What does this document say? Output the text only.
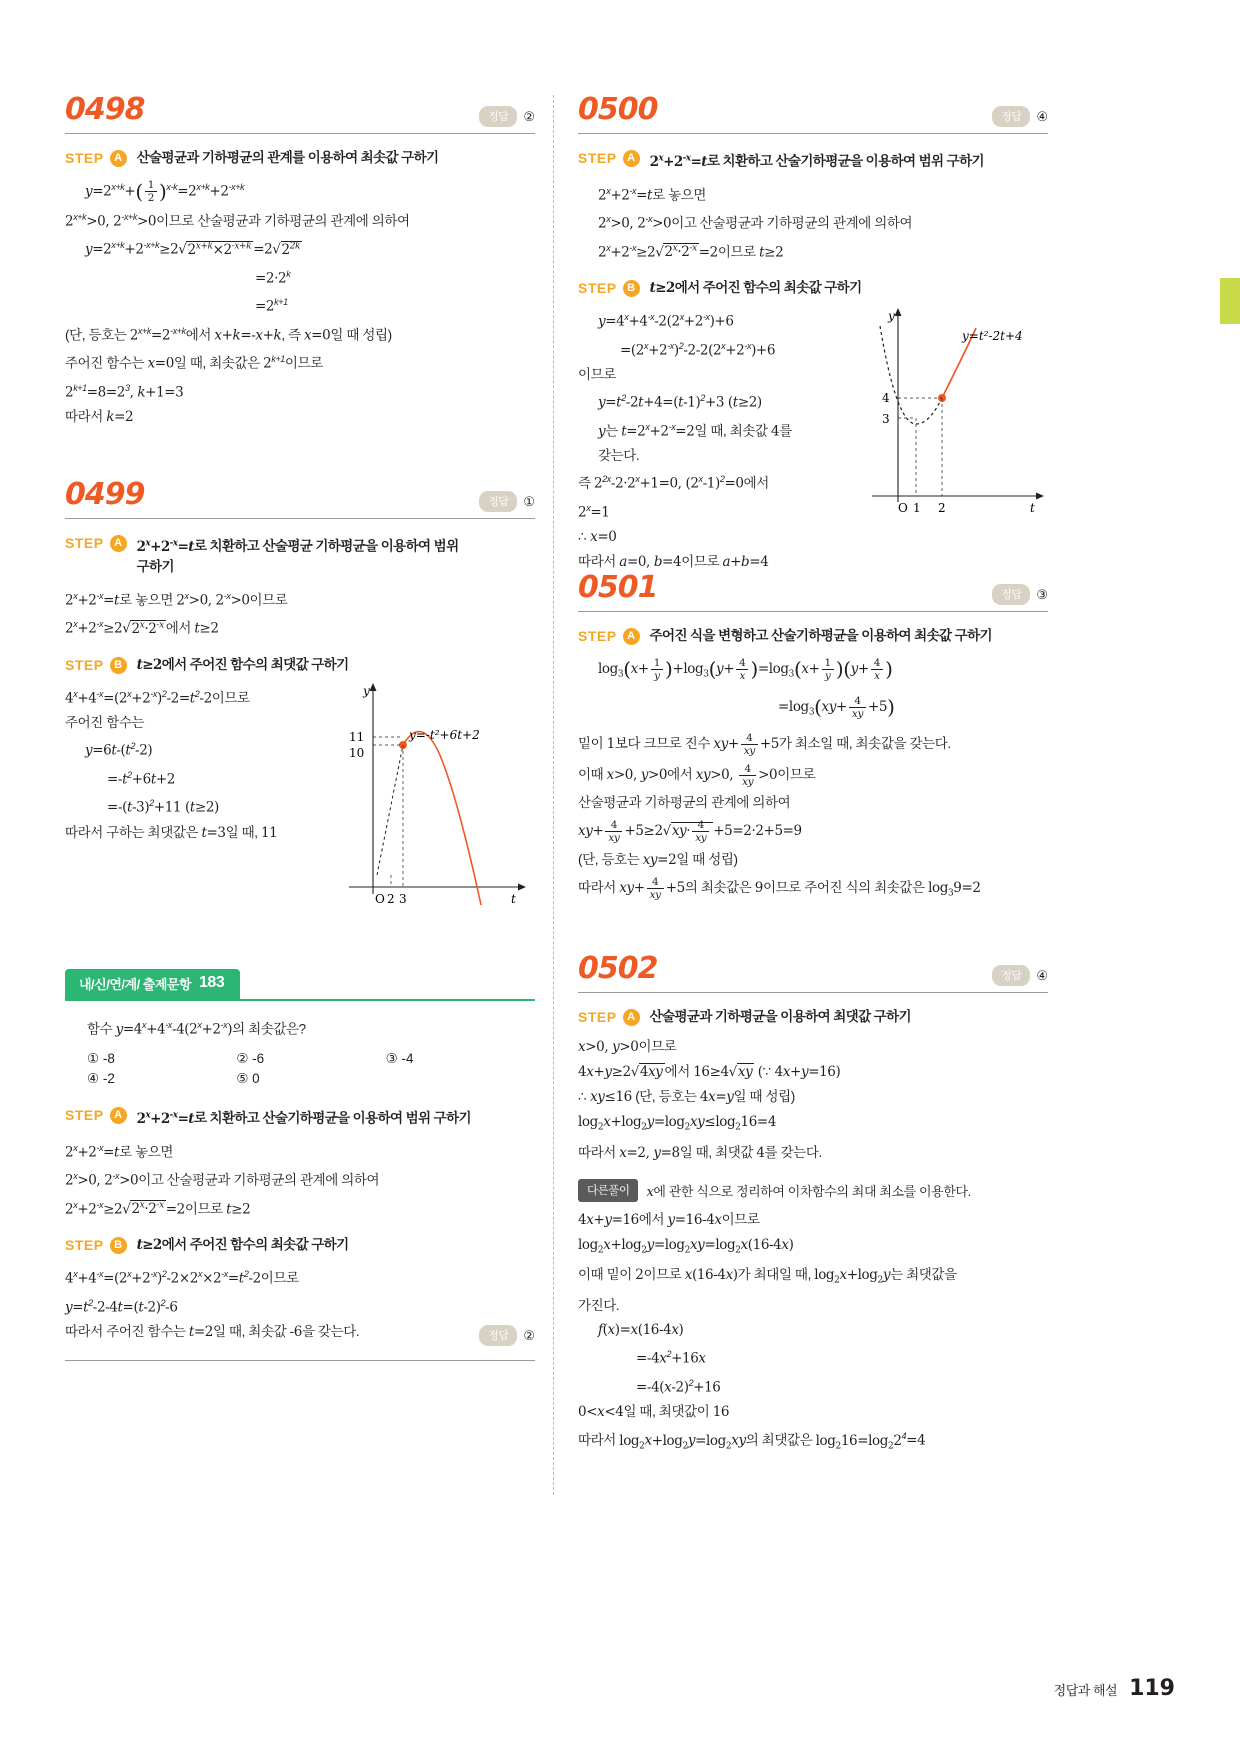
0498	정답	②
STEP A	산술평균과 기하평균의 관계를 이용하여 최솟값 구하기
$y=2^{x+k}+( \frac{1}{2} )^{x-k}=2^{x+k}+2^{-x+k}$
$2^{x+k}>0$, $2^{-x+k}>0$이므로 산술평균과 기하평균의 관계에 의하여
$y=2^{x+k}+2^{-x+k}\ge 2√2^{x+k}\times 2^{-x+k} =2√2^{2k}$
$=2\cdot 2^k$
$=2^{k+1}$
(단, 등호는 $2^{x+k}=2^{-x+k}$에서 x+k=-x+k, 즉 x=0일 때 성립)
주어진 함수는 x=0일 때, 최솟값은 $2^{k+1}$이므로
$2^{k+1}=8=2^3$, k+1=3
따라서 k=2
0499	정답	①
STEP A	$2^x+2^{-x}=t$로 치환하고 산술평균 기하평균을 이용하여 범위
구하기
$2^x+2^{-x}=t$로 놓으면 $2^x>0$, $2^{-x}>0$이므로
$2^x+2^{-x}\ge 2√2^x\cdot 2^{-x}$ 에서 t≥2
STEP B	t≥2에서 주어진 함수의 최댓값 구하기
$4^x+4^{-x}=(2^x+2^{-x})^2-2=t^2-2$이므로
주어진 함수는
$y=6t-(t^2-2)$
$=-t^2+6t+2$
$=-(t-3)^2+11$ (t≥2)
따라서 구하는 최댓값은 t=3일 때, 11
11
10
O 2 3
y
t
y=-t²+6t+2
내/신/연/계/ 출제문항 183
함수 $y=4^x+4^{-x}-4(2^x+2^{-x})$의 최솟값은?
① -8	② -6	③ -4
④ -2	⑤ 0
STEP A	$2^x+2^{-x}=t$로 치환하고 산술기하평균을 이용하여 범위 구하기
$2^x+2^{-x}=t$로 놓으면
$2^x>0$, $2^{-x}>0$이고 산술평균과 기하평균의 관계에 의하여
$2^x+2^{-x}\ge 2√2^x\cdot 2^{-x} =2$이므로 t≥2
STEP B	t≥2에서 주어진 함수의 최솟값 구하기
$4^x+4^{-x}=(2^x+2^{-x})^2-2\times 2^x\times 2^{-x}=t^2-2$이므로
$y=t^2-2-4t=(t-2)^2-6$
따라서 주어진 함수는 t=2일 때, 최솟값 -6을 갖는다.	정답	②
0500	정답	④
STEP A	$2^x+2^{-x}=t$로 치환하고 산술기하평균을 이용하여 범위 구하기
$2^x+2^{-x}=t$로 놓으면
$2^x>0$, $2^{-x}>0$이고 산술평균과 기하평균의 관계에 의하여
$2^x+2^{-x}\ge 2√2^x\cdot 2^{-x} =2$이므로 t≥2
STEP B	t≥2에서 주어진 함수의 최솟값 구하기
$y=4^x+4^{-x}-2(2^x+2^{-x})+6$
$=(2^x+2^{-x})^2-2-2(2^x+2^{-x})+6$
이므로
$y=t^2-2t+4=(t-1)^2+3$ (t≥2)
y는 $t=2^x+2^{-x}=2$일 때, 최솟값 4를
갖는다.
즉 $2^{2x}-2\cdot 2^x+1=0$, $(2^x-1)^2=0$에서
$2^x=1$
∴ x=0
따라서 a=0, b=4이므로 a+b=4
4
3
O 1 2
y
t
y=t²-2t+4
0501	정답	③
STEP A	주어진 식을 변형하고 산술기하평균을 이용하여 최솟값 구하기
$\log_3(x+ \frac{1}{y} )+\log_3(y+ \frac{4}{x} )=\log_3(x+ \frac{1}{y} )(y+ \frac{4}{x}$ )
$=\log_3(xy+ \frac{4}{xy} +5)$
밑이 1보다 크므로 진수 $xy+ \frac{4}{xy} +5$가 최소일 때, 최솟값을 갖는다.
이때 x>0, y>0에서 xy>0, $\frac{4}{xy} >0$이므로
산술평균과 기하평균의 관계에 의하여
$xy+ \frac{4}{xy} +5\ge 2√xy\cdot \frac{4}{xy} +5=2\cdot 2+5=9$
(단, 등호는 xy=2일 때 성립)
따라서 $xy+ \frac{4}{xy} +5$의 최솟값은 9이므로 주어진 식의 최솟값은 $\log_39=2$
0502	정답	④
STEP A	산술평균과 기하평균을 이용하여 최댓값 구하기
x>0, y>0이므로
4x+y≥2√4xy 에서 16≥4√xy (∵ 4x+y=16)
∴ xy≤16 (단, 등호는 4x=y일 때 성립)
$\log_2x+\log_2y=\log_2xy\le\log_216=4$
따라서 x=2, y=8일 때, 최댓값 4를 갖는다.
다른풀이	x에 관한 식으로 정리하여 이차함수의 최대 최소를 이용한다.
4x+y=16에서 y=16-4x이므로
$\log_2x+\log_2y=\log_2xy=\log_2x(16-4x)$
이때 밑이 2이므로 x(16-4x)가 최대일 때, $\log_2x+\log_2y$는 최댓값을
가진다.
f(x)=x(16-4x)
$=-4x^2+16x$
$=-4(x-2)^2+16$
0<x<4일 때, 최댓값이 16
따라서 $\log_2x+\log_2y=\log_2xy$의 최댓값은 $\log_216=\log_22^4=4$
정답과 해설 119
